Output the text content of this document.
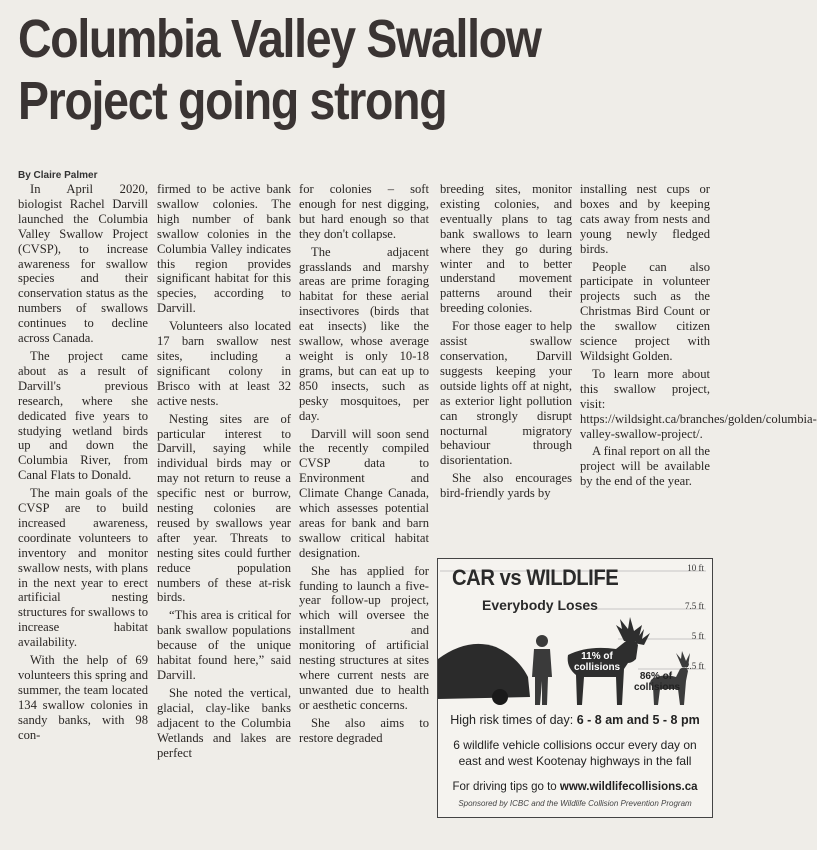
Columbia Valley Swallow
Project going strong
By Claire Palmer

In April 2020, biologist Rachel Darvill launched the Columbia Valley Swallow Project (CVSP), to increase awareness for swallow species and their conservation status as the numbers of swallows continues to decline across Canada.

The project came about as a result of Darvill's previous research, where she dedicated five years to studying wetland birds up and down the Columbia River, from Canal Flats to Donald.

The main goals of the CVSP are to build increased awareness, coordinate volunteers to inventory and monitor swallow nests, with plans in the next year to erect artificial nesting structures for swallows to increase habitat availability.

With the help of 69 volunteers this spring and summer, the team located 134 swallow colonies in sandy banks, with 98 con-

firmed to be active bank swallow colonies. The high number of bank swallow colonies in the Columbia Valley indicates this region provides significant habitat for this species, according to Darvill.

Volunteers also located 17 barn swallow nest sites, including a significant colony in Brisco with at least 32 active nests.

Nesting sites are of particular interest to Darvill, saying while individual birds may or may not return to reuse a specific nest or burrow, nesting colonies are reused by swallows year after year. Threats to nesting sites could further reduce population numbers of these at-risk birds.

“This area is critical for bank swallow populations because of the unique habitat found here,” said Darvill.

She noted the vertical, glacial, clay-like banks adjacent to the Columbia Wetlands and lakes are perfect

for colonies – soft enough for nest digging, but hard enough so that they don't collapse.

The adjacent grasslands and marshy areas are prime foraging habitat for these aerial insectivores (birds that eat insects) like the swallow, whose average weight is only 10-18 grams, but can eat up to 850 insects, such as pesky mosquitoes, per day.

Darvill will soon send the recently compiled CVSP data to Environment and Climate Change Canada, which assesses potential areas for bank and barn swallow critical habitat designation.

She has applied for funding to launch a five-year follow-up project, which will oversee the installment and monitoring of artificial nesting structures at sites where current nests are unwanted due to health or aesthetic concerns.

She also aims to restore degraded

breeding sites, monitor existing colonies, and eventually plans to tag bank swallows to learn where they go during winter and to better understand movement patterns around their breeding colonies.

For those eager to help assist swallow conservation, Darvill suggests keeping your outside lights off at night, as exterior light pollution can strongly disrupt nocturnal migratory behaviour through disorientation.

She also encourages bird-friendly yards by

installing nest cups or boxes and by keeping cats away from nests and young newly fledged birds.

People can also participate in volunteer projects such as the Christmas Bird Count or the swallow citizen science project with Wildsight Golden.

To learn more about this swallow project, visit: https://wildsight.ca/branches/golden/columbia-valley-swallow-project/.

A final report on all the project will be available by the end of the year.

CAR vs WILDLIFE
Everybody Loses
10 ft
7.5 ft
5 ft
2.5 ft
11% of collisions
86% of collisions
High risk times of day: 6 - 8 am and 5 - 8 pm
6 wildlife vehicle collisions occur every day on east and west Kootenay highways in the fall
For driving tips go to www.wildlifecollisions.ca
Sponsored by ICBC and the Wildlife Collision Prevention Program
